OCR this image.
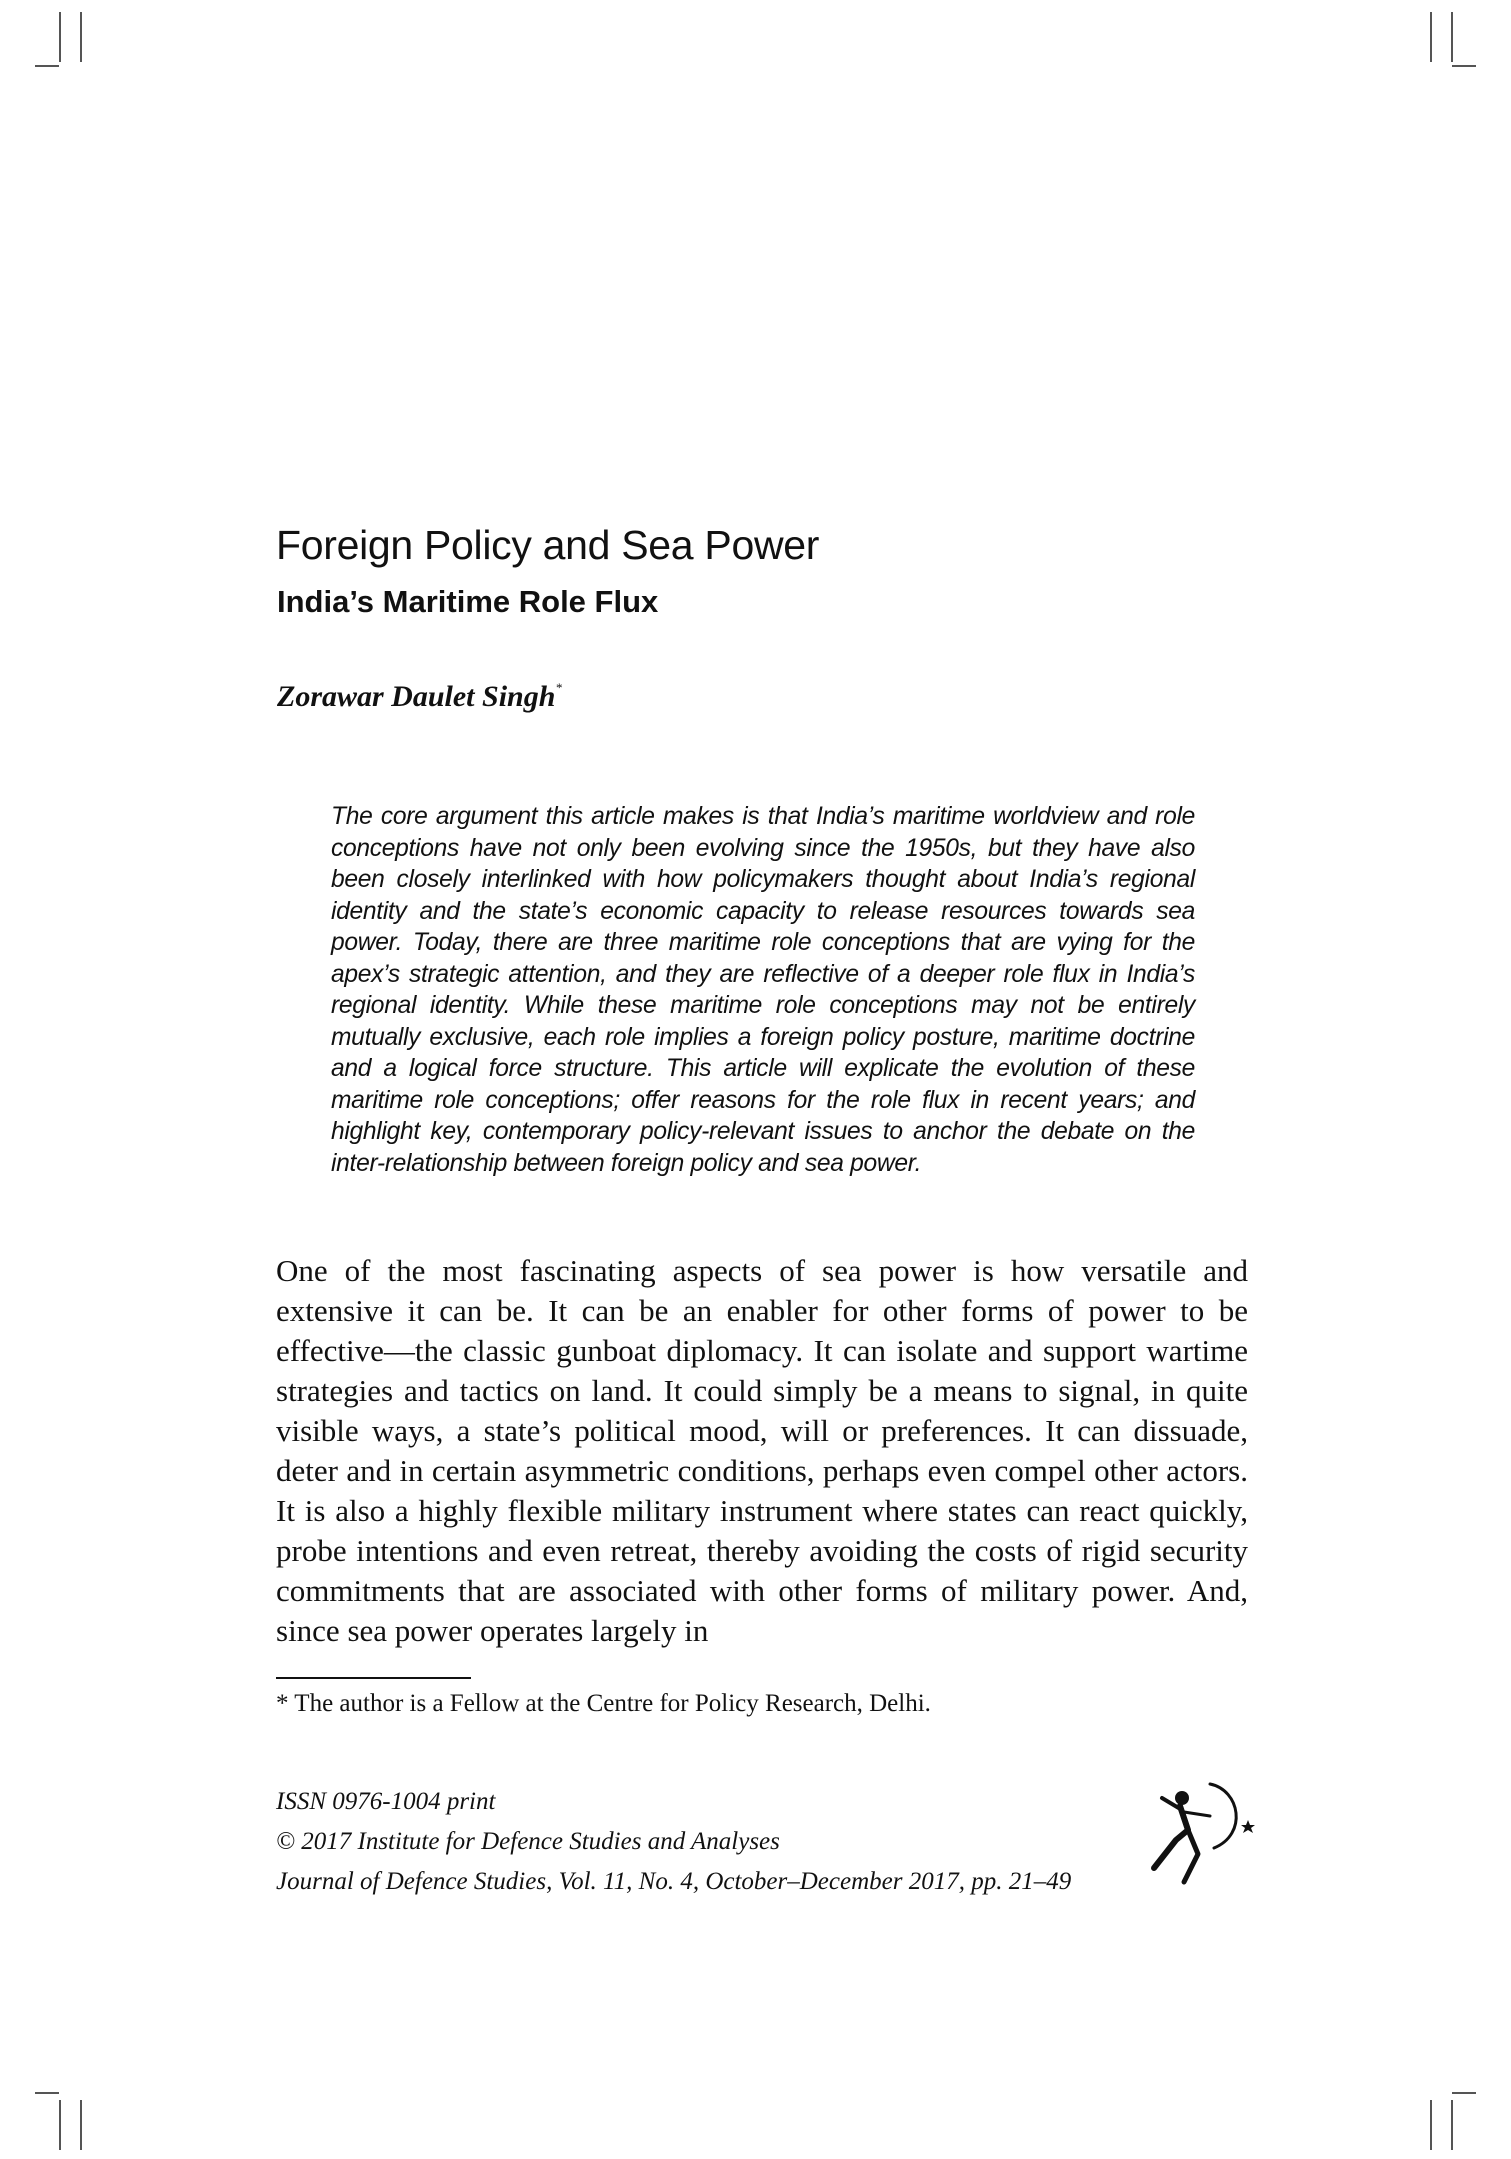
Foreign Policy and Sea Power
India’s Maritime Role Flux

Zorawar Daulet Singh*

The core argument this article makes is that India’s maritime worldview and role conceptions have not only been evolving since the 1950s, but they have also been closely interlinked with how policymakers thought about India’s regional identity and the state’s economic capacity to release resources towards sea power. Today, there are three maritime role conceptions that are vying for the apex’s strategic attention, and they are reflective of a deeper role flux in India’s regional identity. While these maritime role conceptions may not be entirely mutually exclusive, each role implies a foreign policy posture, maritime doctrine and a logical force structure. This article will explicate the evolution of these maritime role conceptions; offer reasons for the role flux in recent years; and highlight key, contemporary policy-relevant issues to anchor the debate on the inter-relationship between foreign policy and sea power.

One of the most fascinating aspects of sea power is how versatile and extensive it can be. It can be an enabler for other forms of power to be effective—the classic gunboat diplomacy. It can isolate and support wartime strategies and tactics on land. It could simply be a means to signal, in quite visible ways, a state’s political mood, will or preferences. It can dissuade, deter and in certain asymmetric conditions, perhaps even compel other actors. It is also a highly flexible military instrument where states can react quickly, probe intentions and even retreat, thereby avoiding the costs of rigid security commitments that are associated with other forms of military power. And, since sea power operates largely in

* The author is a Fellow at the Centre for Policy Research, Delhi.

ISSN 0976-1004 print
© 2017 Institute for Defence Studies and Analyses
Journal of Defence Studies, Vol. 11, No. 4, October–December 2017, pp. 21–49
